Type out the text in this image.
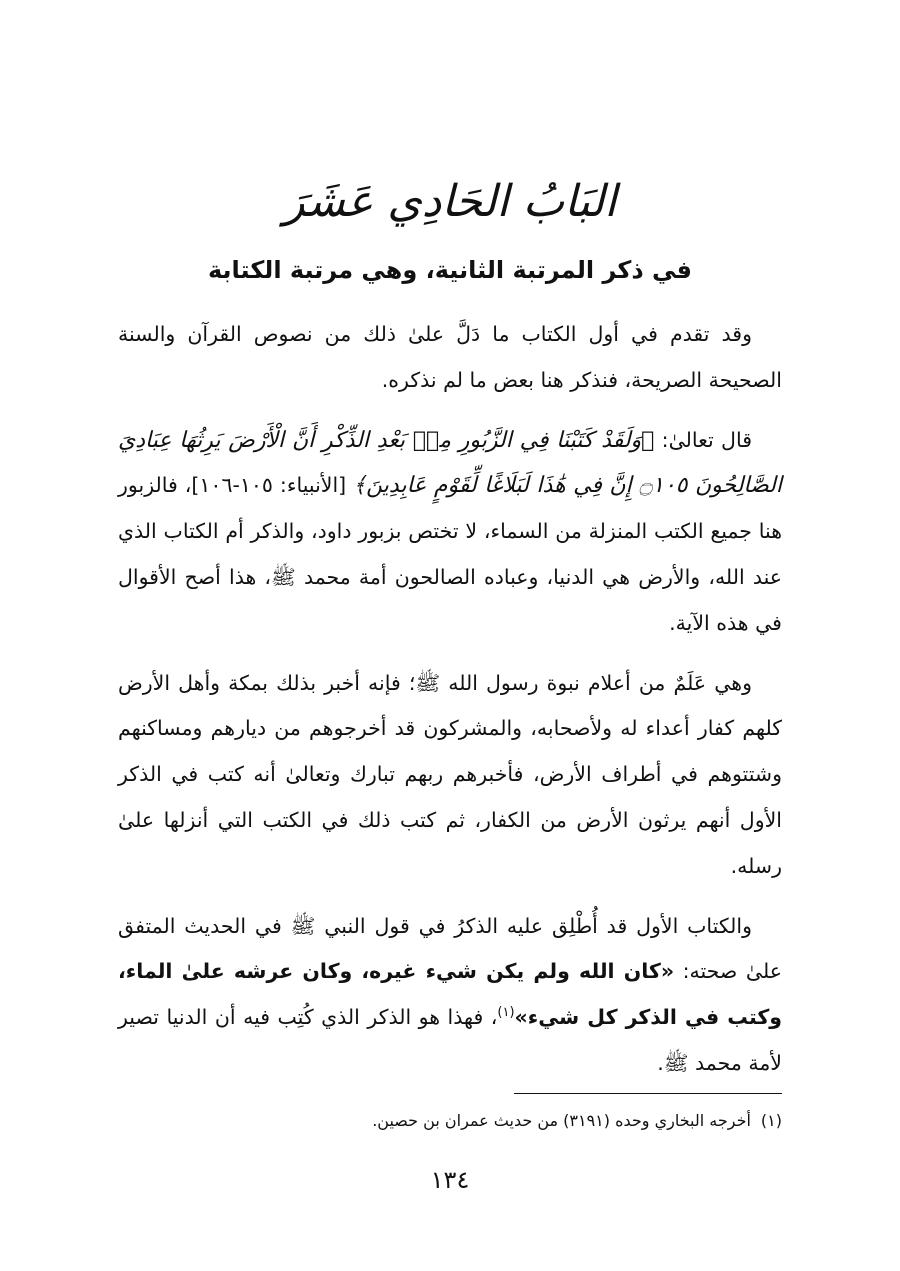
البَابُ الحَادِي عَشَرَ
في ذكر المرتبة الثانية، وهي مرتبة الكتابة

وقد تقدم في أول الكتاب ما دَلَّ علىٰ ذلك من نصوص القرآن والسنة الصحيحة الصريحة، فنذكر هنا بعض ما لم نذكره.

قال تعالىٰ: ﴿وَلَقَدْ كَتَبْنَا فِي الزَّبُورِ مِنۢ بَعْدِ الذِّكْرِ أَنَّ الْأَرْضَ يَرِثُهَا عِبَادِيَ الصَّالِحُونَ ۝١٠٥ إِنَّ فِي هَٰذَا لَبَلَاغًا لِّقَوْمٍ عَابِدِينَ﴾ [الأنبياء: ١٠٥-١٠٦]، فالزبور هنا جميع الكتب المنزلة من السماء، لا تختص بزبور داود، والذكر أم الكتاب الذي عند الله، والأرض هي الدنيا، وعباده الصالحون أمة محمد ﷺ، هذا أصح الأقوال في هذه الآية.

وهي عَلَمٌ من أعلام نبوة رسول الله ﷺ؛ فإنه أخبر بذلك بمكة وأهل الأرض كلهم كفار أعداء له ولأصحابه، والمشركون قد أخرجوهم من ديارهم ومساكنهم وشتتوهم في أطراف الأرض، فأخبرهم ربهم تبارك وتعالىٰ أنه كتب في الذكر الأول أنهم يرثون الأرض من الكفار، ثم كتب ذلك في الكتب التي أنزلها علىٰ رسله.

والكتاب الأول قد أُطْلِق عليه الذكرُ في قول النبي ﷺ في الحديث المتفق علىٰ صحته: «كان الله ولم يكن شيء غيره، وكان عرشه علىٰ الماء، وكتب في الذكر كل شيء»$^{(١)}$، فهذا هو الذكر الذي كُتِب فيه أن الدنيا تصير لأمة محمد ﷺ.

(١)أخرجه البخاري وحده (٣١٩١) من حديث عمران بن حصين.
١٣٤
